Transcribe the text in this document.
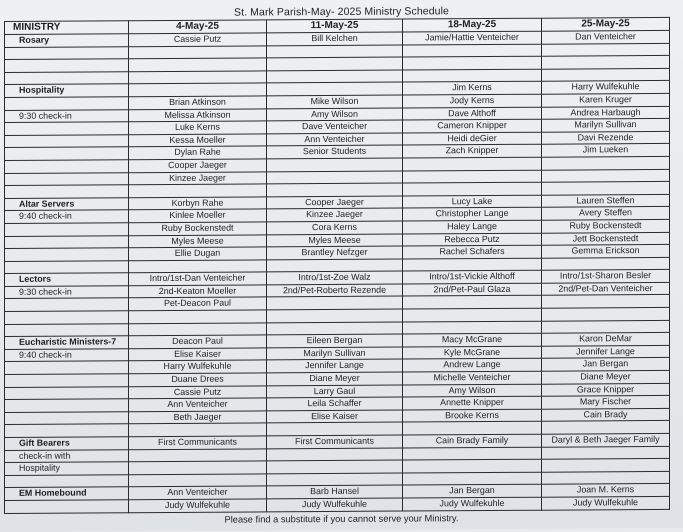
St. Mark Parish-May- 2025 Ministry Schedule
MINISTRY	4-May-25	11-May-25	18-May-25	25-May-25
Rosary	Cassie Putz	Bill Kelchen	Jamie/Hattie Venteicher	Dan Venteicher

Hospitality			Jim Kerns	Harry Wulfekuhle
	Brian Atkinson	Mike Wilson	Jody Kerns	Karen Kruger
9:30 check-in	Melissa Atkinson	Amy Wilson	Dave Althoff	Andrea Harbaugh
	Luke Kerns	Dave Venteicher	Cameron Knipper	Marilyn Sullivan
	Kessa Moeller	Ann Venteicher	Heidi deGier	Davi Rezende
	Dylan Rahe	Senior Students	Zach Knipper	Jim Lueken
	Cooper Jaeger			
	Kinzee Jaeger			

Altar Servers	Korbyn Rahe	Cooper Jaeger	Lucy Lake	Lauren Steffen
9:40 check-in	Kinlee Moeller	Kinzee Jaeger	Christopher Lange	Avery Steffen
	Ruby Bockenstedt	Cora Kerns	Haley Lange	Ruby Bockenstedt
	Myles Meese	Myles Meese	Rebecca Putz	Jett Bockenstedt
	Ellie Dugan	Brantley Nefzger	Rachel Schafers	Gemma Erickson

Lectors	Intro/1st-Dan Venteicher	Intro/1st-Zoe Walz	Intro/1st-Vickie Althoff	Intro/1st-Sharon Besler
9:30 check-in	2nd-Keaton Moeller	2nd/Pet-Roberto Rezende	2nd/Pet-Paul Glaza	2nd/Pet-Dan Venteicher
	Pet-Deacon Paul			

Eucharistic Ministers-7	Deacon Paul	Eileen Bergan	Macy McGrane	Karon DeMar
9:40 check-in	Elise Kaiser	Marilyn Sullivan	Kyle McGrane	Jennifer Lange
	Harry Wulfekuhle	Jennifer Lange	Andrew Lange	Jan Bergan
	Duane Drees	Diane Meyer	Michelle Venteicher	Diane Meyer
	Cassie Putz	Larry Gaul	Amy Wilson	Grace Knipper
	Ann Venteicher	Leila Schaffer	Annette Knipper	Mary Fischer
	Beth Jaeger	Elise Kaiser	Brooke Kerns	Cain Brady

Gift Bearers	First Communicants	First Communicants	Cain Brady Family	Daryl & Beth Jaeger Family
check-in with				
Hospitality				

EM Homebound	Ann Venteicher	Barb Hansel	Jan Bergan	Joan M. Kerns
	Judy Wulfekuhle	Judy Wulfekuhle	Judy Wulfekuhle	Judy Wulfekuhle
Please find a substitute if you cannot serve your Ministry.
